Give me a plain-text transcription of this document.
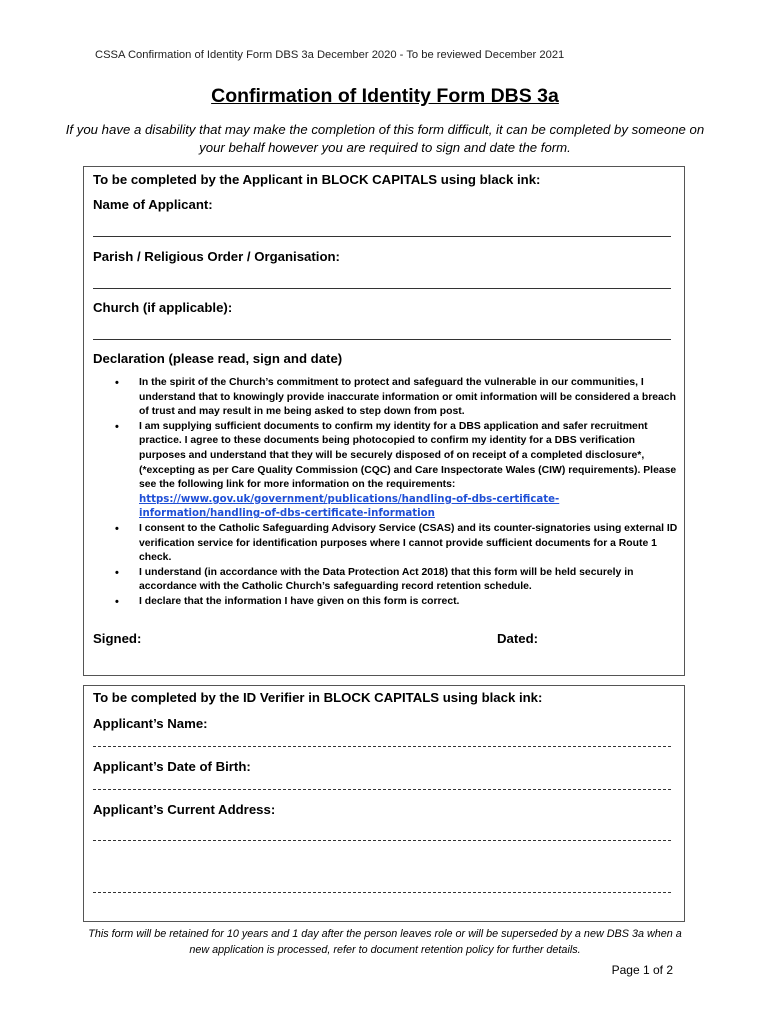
CSSA Confirmation of Identity Form DBS 3a December 2020 - To be reviewed December 2021
Confirmation of Identity Form DBS 3a

If you have a disability that may make the completion of this form difficult, it can be completed by someone on your behalf however you are required to sign and date the form.

To be completed by the Applicant in BLOCK CAPITALS using black ink:
Name of Applicant:
Parish / Religious Order / Organisation:
Church (if applicable):
Declaration (please read, sign and date)
• In the spirit of the Church’s commitment to protect and safeguard the vulnerable in our communities, I understand that to knowingly provide inaccurate information or omit information will be considered a breach of trust and may result in me being asked to step down from post.
• I am supplying sufficient documents to confirm my identity for a DBS application and safer recruitment practice. I agree to these documents being photocopied to confirm my identity for a DBS verification purposes and understand that they will be securely disposed of on receipt of a completed disclosure*, (*excepting as per Care Quality Commission (CQC) and Care Inspectorate Wales (CIW) requirements). Please see the following link for more information on the requirements: https://www.gov.uk/government/publications/handling-of-dbs-certificate-information/handling-of-dbs-certificate-information
• I consent to the Catholic Safeguarding Advisory Service (CSAS) and its counter-signatories using external ID verification service for identification purposes where I cannot provide sufficient documents for a Route 1 check.
• I understand (in accordance with the Data Protection Act 2018) that this form will be held securely in accordance with the Catholic Church’s safeguarding record retention schedule.
• I declare that the information I have given on this form is correct.
Signed:	Dated:
To be completed by the ID Verifier in BLOCK CAPITALS using black ink:
Applicant’s Name:
Applicant’s Date of Birth:
Applicant’s Current Address:

This form will be retained for 10 years and 1 day after the person leaves role or will be superseded by a new DBS 3a when a new application is processed, refer to document retention policy for further details.

Page 1 of 2
